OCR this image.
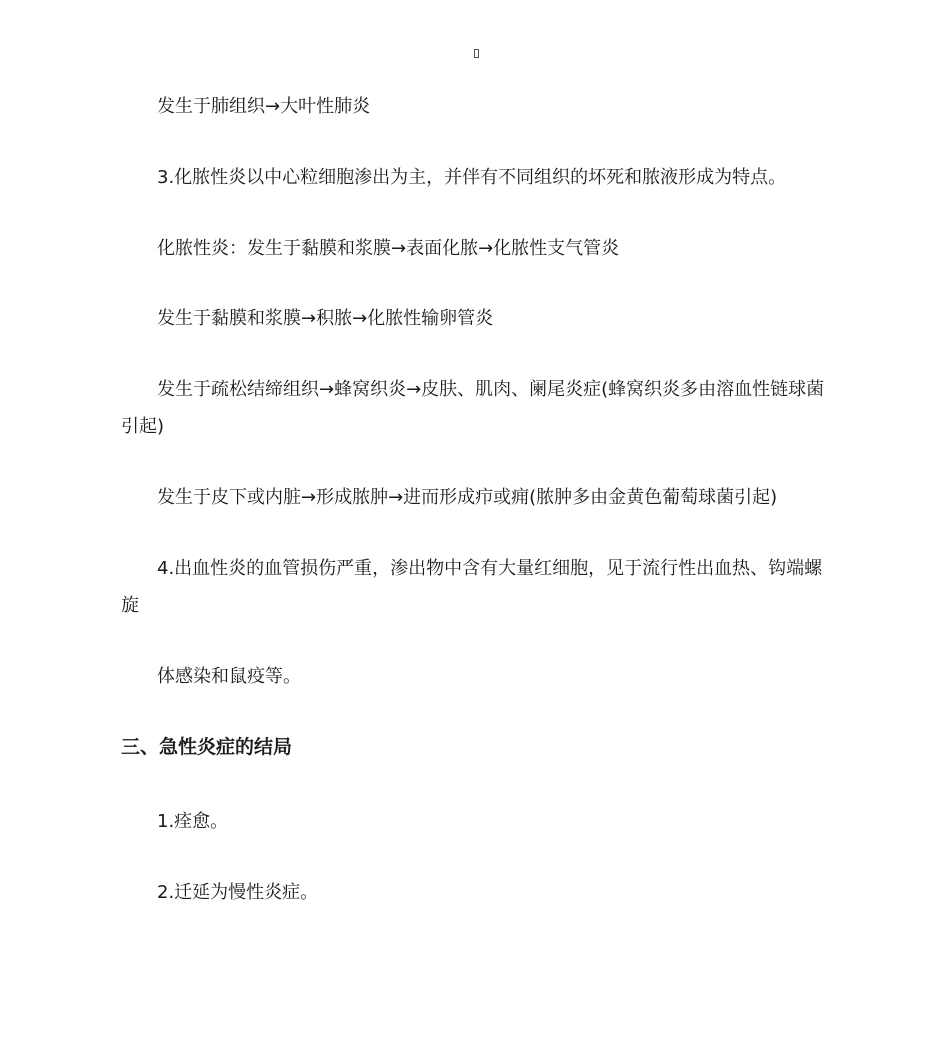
发生于肺组织→大叶性肺炎

3.化脓性炎以中心粒细胞渗出为主，并伴有不同组织的坏死和脓液形成为特点。

化脓性炎：发生于黏膜和浆膜→表面化脓→化脓性支气管炎

发生于黏膜和浆膜→积脓→化脓性输卵管炎

发生于疏松结缔组织→蜂窝织炎→皮肤、肌肉、阑尾炎症(蜂窝织炎多由溶血性链球菌引起)

发生于皮下或内脏→形成脓肿→进而形成疖或痈(脓肿多由金黄色葡萄球菌引起)

4.出血性炎的血管损伤严重，渗出物中含有大量红细胞，见于流行性出血热、钩端螺旋

体感染和鼠疫等。

三、急性炎症的结局

1.痊愈。

2.迁延为慢性炎症。
